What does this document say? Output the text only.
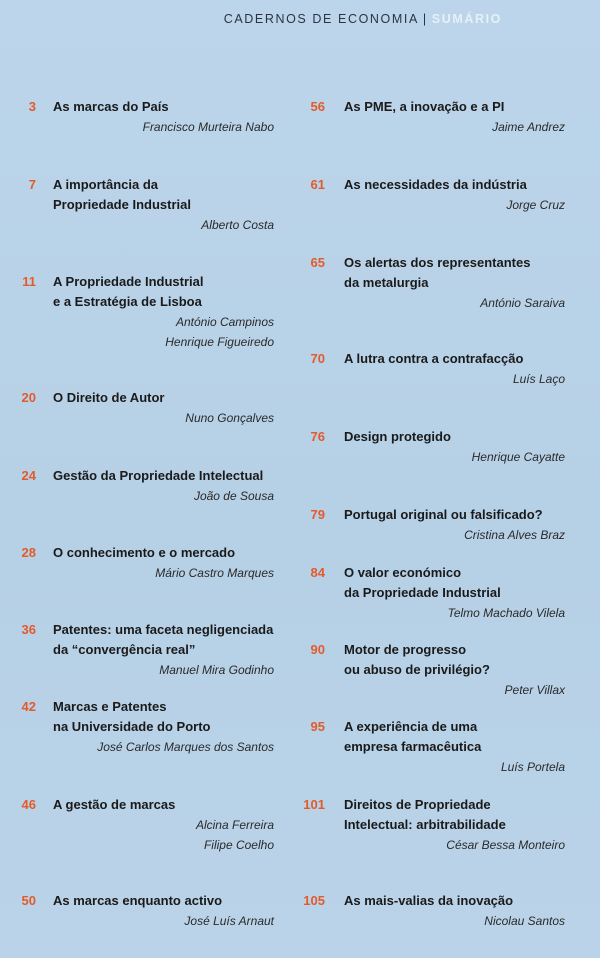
CADERNOS DE ECONOMIA | SUMÁRIO
3 As marcas do País
Francisco Murteira Nabo
7 A importância da
Propriedade Industrial
Alberto Costa
11 A Propriedade Industrial
e a Estratégia de Lisboa
António Campinos
Henrique Figueiredo
20 O Direito de Autor
Nuno Gonçalves
24 Gestão da Propriedade Intelectual
João de Sousa
28 O conhecimento e o mercado
Mário Castro Marques
36 Patentes: uma faceta negligenciada
da “convergência real”
Manuel Mira Godinho
42 Marcas e Patentes
na Universidade do Porto
José Carlos Marques dos Santos
46 A gestão de marcas
Alcina Ferreira
Filipe Coelho
50 As marcas enquanto activo
José Luís Arnaut
56 As PME, a inovação e a PI
Jaime Andrez
61 As necessidades da indústria
Jorge Cruz
65 Os alertas dos representantes
da metalurgia
António Saraiva
70 A lutra contra a contrafacção
Luís Laço
76 Design protegido
Henrique Cayatte
79 Portugal original ou falsificado?
Cristina Alves Braz
84 O valor económico
da Propriedade Industrial
Telmo Machado Vilela
90 Motor de progresso
ou abuso de privilégio?
Peter Villax
95 A experiência de uma
empresa farmacêutica
Luís Portela
101 Direitos de Propriedade
Intelectual: arbitrabilidade
César Bessa Monteiro
105 As mais-valias da inovação
Nicolau Santos
